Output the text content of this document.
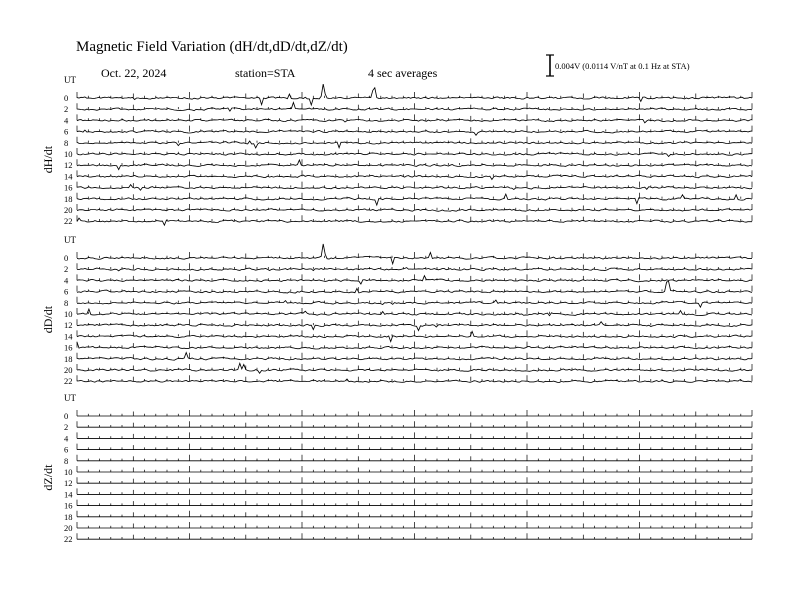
Magnetic Field Variation (dH/dt,dD/dt,dZ/dt)
Oct. 22, 2024	station=STA	4 sec averages	0.004V (0.0114 V/nT at 0.1 Hz at STA)
UT
dH/dt
0
2
4
6
8
10
12
14
16
18
20
22
UT
dD/dt
0
2
4
6
8
10
12
14
16
18
20
22
UT
dZ/dt
0
2
4
6
8
10
12
14
16
18
20
22
